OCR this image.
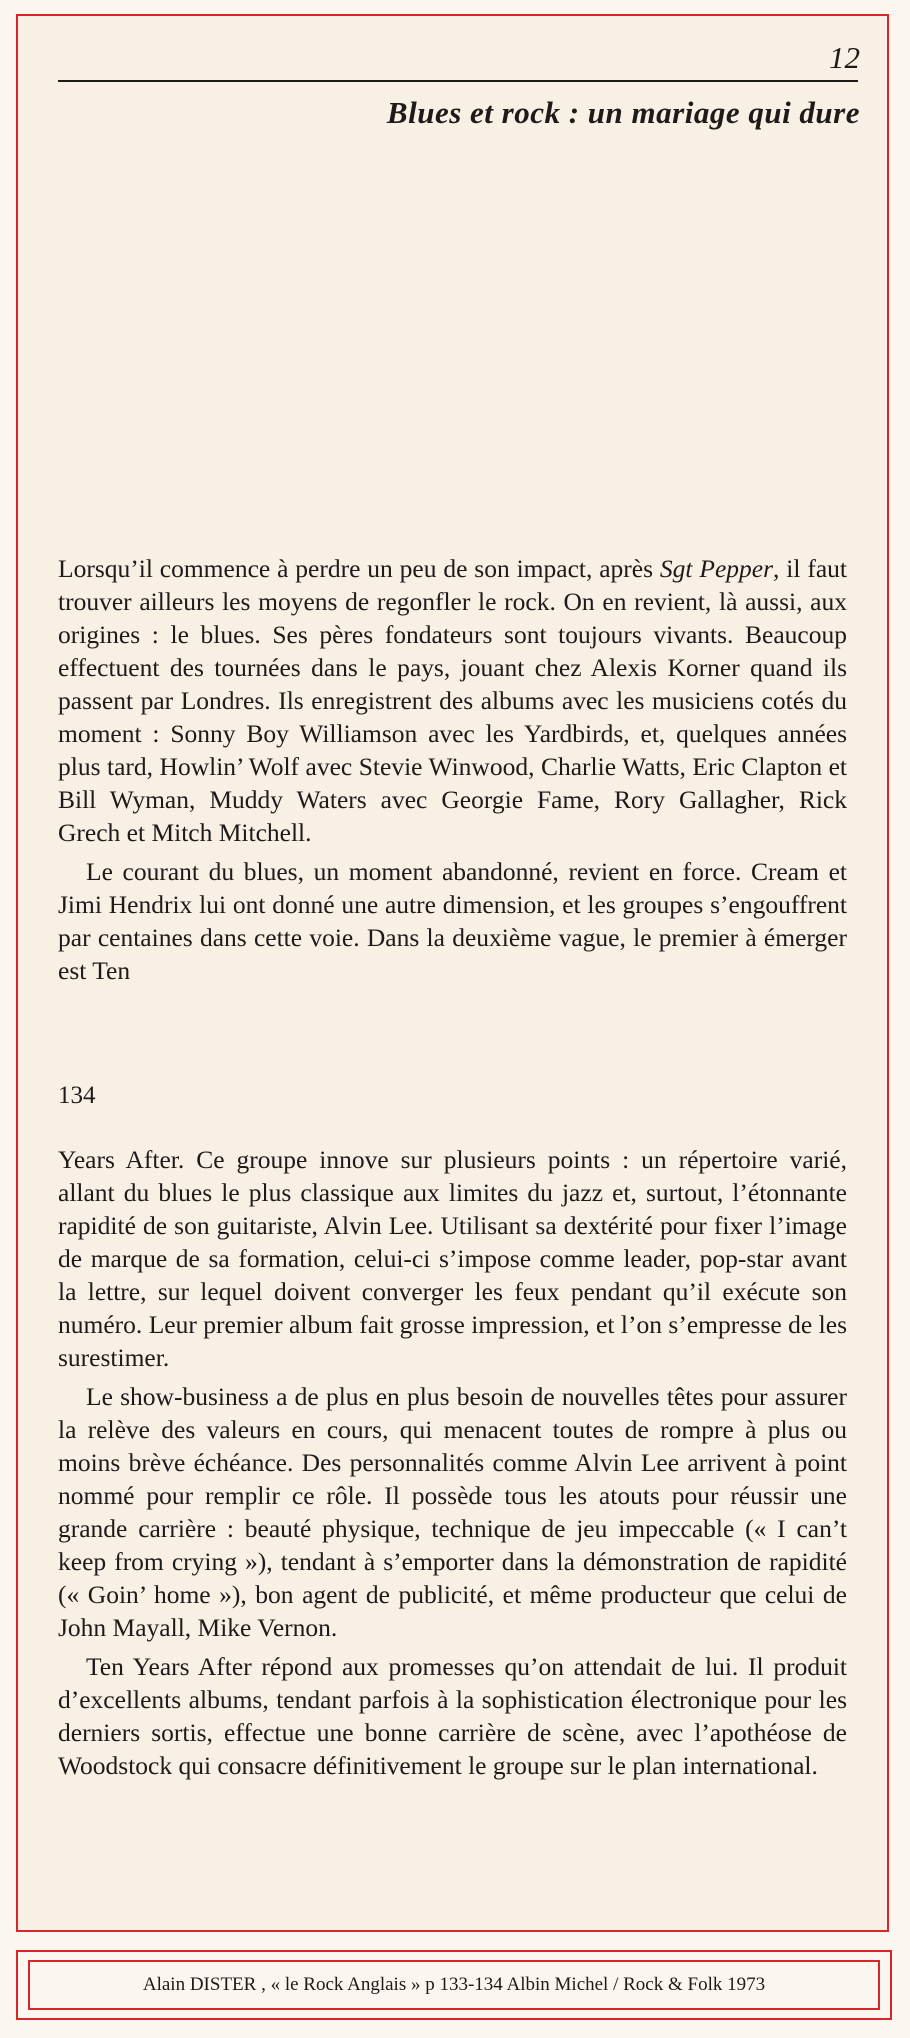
12
Blues et rock : un mariage qui dure

Lorsqu’il commence à perdre un peu de son impact, après Sgt Pepper, il faut trouver ailleurs les moyens de regonfler le rock. On en revient, là aussi, aux origines : le blues. Ses pères fondateurs sont toujours vivants. Beaucoup effectuent des tournées dans le pays, jouant chez Alexis Korner quand ils passent par Londres. Ils enregistrent des albums avec les musiciens cotés du moment : Sonny Boy Williamson avec les Yardbirds, et, quelques années plus tard, Howlin’ Wolf avec Stevie Winwood, Charlie Watts, Eric Clapton et Bill Wyman, Muddy Waters avec Georgie Fame, Rory Gallagher, Rick Grech et Mitch Mitchell.

Le courant du blues, un moment abandonné, revient en force. Cream et Jimi Hendrix lui ont donné une autre dimension, et les groupes s’engouffrent par centaines dans cette voie. Dans la deuxième vague, le premier à émerger est Ten

134

Years After. Ce groupe innove sur plusieurs points : un répertoire varié, allant du blues le plus classique aux limites du jazz et, surtout, l’étonnante rapidité de son guitariste, Alvin Lee. Utilisant sa dextérité pour fixer l’image de marque de sa formation, celui-ci s’impose comme leader, pop-star avant la lettre, sur lequel doivent converger les feux pendant qu’il exécute son numéro. Leur premier album fait grosse impression, et l’on s’empresse de les surestimer.

Le show-business a de plus en plus besoin de nouvelles têtes pour assurer la relève des valeurs en cours, qui menacent toutes de rompre à plus ou moins brève échéance. Des personnalités comme Alvin Lee arrivent à point nommé pour remplir ce rôle. Il possède tous les atouts pour réussir une grande carrière : beauté physique, technique de jeu impeccable (« I can’t keep from crying »), tendant à s’emporter dans la démonstration de rapidité (« Goin’ home »), bon agent de publicité, et même producteur que celui de John Mayall, Mike Vernon.

Ten Years After répond aux promesses qu’on attendait de lui. Il produit d’excellents albums, tendant parfois à la sophistication électronique pour les derniers sortis, effectue une bonne carrière de scène, avec l’apothéose de Woodstock qui consacre définitivement le groupe sur le plan international.

Alain DISTER , « le Rock Anglais » p 133-134 Albin Michel / Rock & Folk 1973
